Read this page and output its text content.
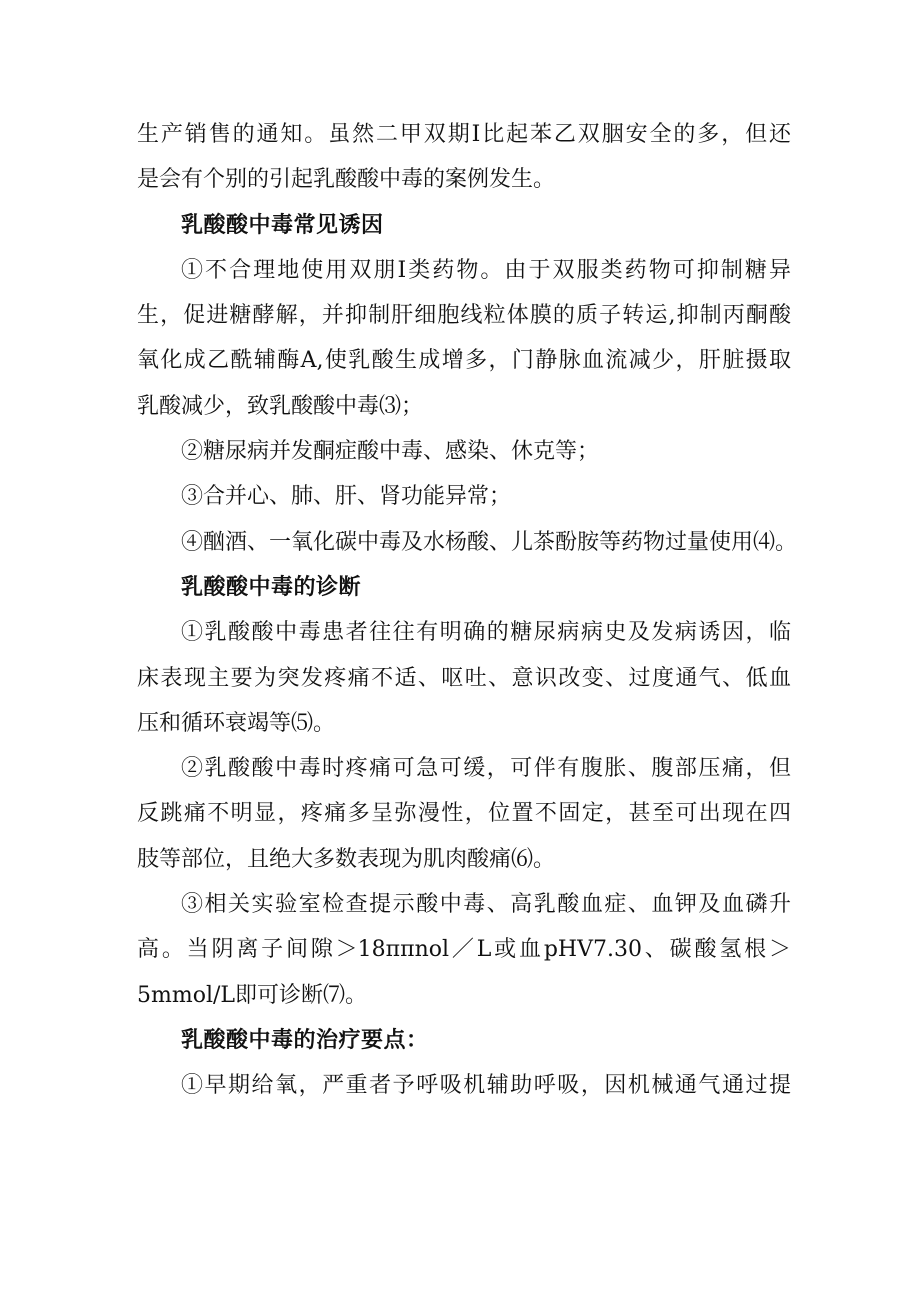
生产销售的通知。虽然二甲双期Ⅰ比起苯乙双胭安全的多，但还
是会有个别的引起乳酸酸中毒的案例发生。

乳酸酸中毒常见诱因

①不合理地使用双朋Ⅰ类药物。由于双服类药物可抑制糖异
生，促进糖酵解，并抑制肝细胞线粒体膜的质子转运,抑制丙酮酸
氧化成乙酰辅酶A,使乳酸生成增多，门静脉血流减少，肝脏摄取
乳酸减少，致乳酸酸中毒⑶；

②糖尿病并发酮症酸中毒、感染、休克等；

③合并心、肺、肝、肾功能异常；

④酗酒、一氧化碳中毒及水杨酸、儿茶酚胺等药物过量使用⑷。

乳酸酸中毒的诊断

①乳酸酸中毒患者往往有明确的糖尿病病史及发病诱因，临
床表现主要为突发疼痛不适、呕吐、意识改变、过度通气、低血
压和循环衰竭等⑸。

②乳酸酸中毒时疼痛可急可缓，可伴有腹胀、腹部压痛，但
反跳痛不明显，疼痛多呈弥漫性，位置不固定，甚至可出现在四
肢等部位，且绝大多数表现为肌肉酸痛⑹。

③相关实验室检查提示酸中毒、高乳酸血症、血钾及血磷升
高。当阴离子间隙＞18ππnol／L或血pHV7.30、碳酸氢根＞
5mmol/L即可诊断⑺。

乳酸酸中毒的治疗要点：

①早期给氧，严重者予呼吸机辅助呼吸，因机械通气通过提
